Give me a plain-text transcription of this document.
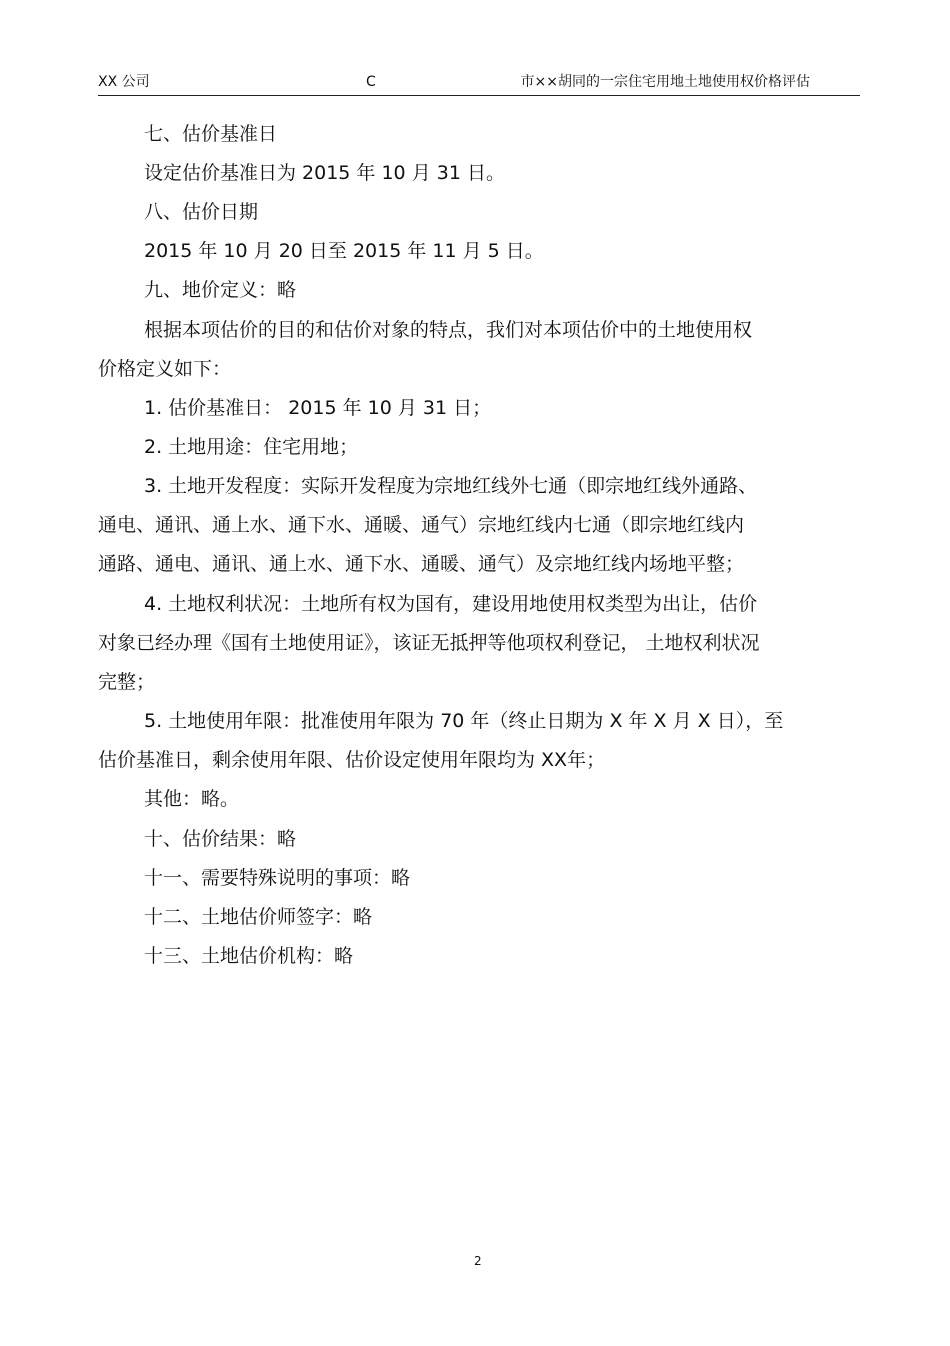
XX 公司	C	市××胡同的一宗住宅用地土地使用权价格评估
七、估价基准日
设定估价基准日为 2015 年 10 月 31 日。
八、估价日期
2015 年 10 月 20 日至 2015 年 11 月 5 日。
九、地价定义：略
根据本项估价的目的和估价对象的特点，我们对本项估价中的土地使用权
价格定义如下：
1. 估价基准日： 2015 年 10 月 31 日；
2. 土地用途：住宅用地；
3. 土地开发程度：实际开发程度为宗地红线外七通（即宗地红线外通路、
通电、通讯、通上水、通下水、通暖、通气）宗地红线内七通（即宗地红线内
通路、通电、通讯、通上水、通下水、通暖、通气）及宗地红线内场地平整；
4. 土地权利状况：土地所有权为国有，建设用地使用权类型为出让，估价
对象已经办理《国有土地使用证》，该证无抵押等他项权利登记， 土地权利状况
完整；
5. 土地使用年限：批准使用年限为 70 年（终止日期为 X 年 X 月 X 日），至
估价基准日，剩余使用年限、估价设定使用年限均为 XX年；
其他：略。
十、估价结果：略
十一、需要特殊说明的事项：略
十二、土地估价师签字：略
十三、土地估价机构：略
2
